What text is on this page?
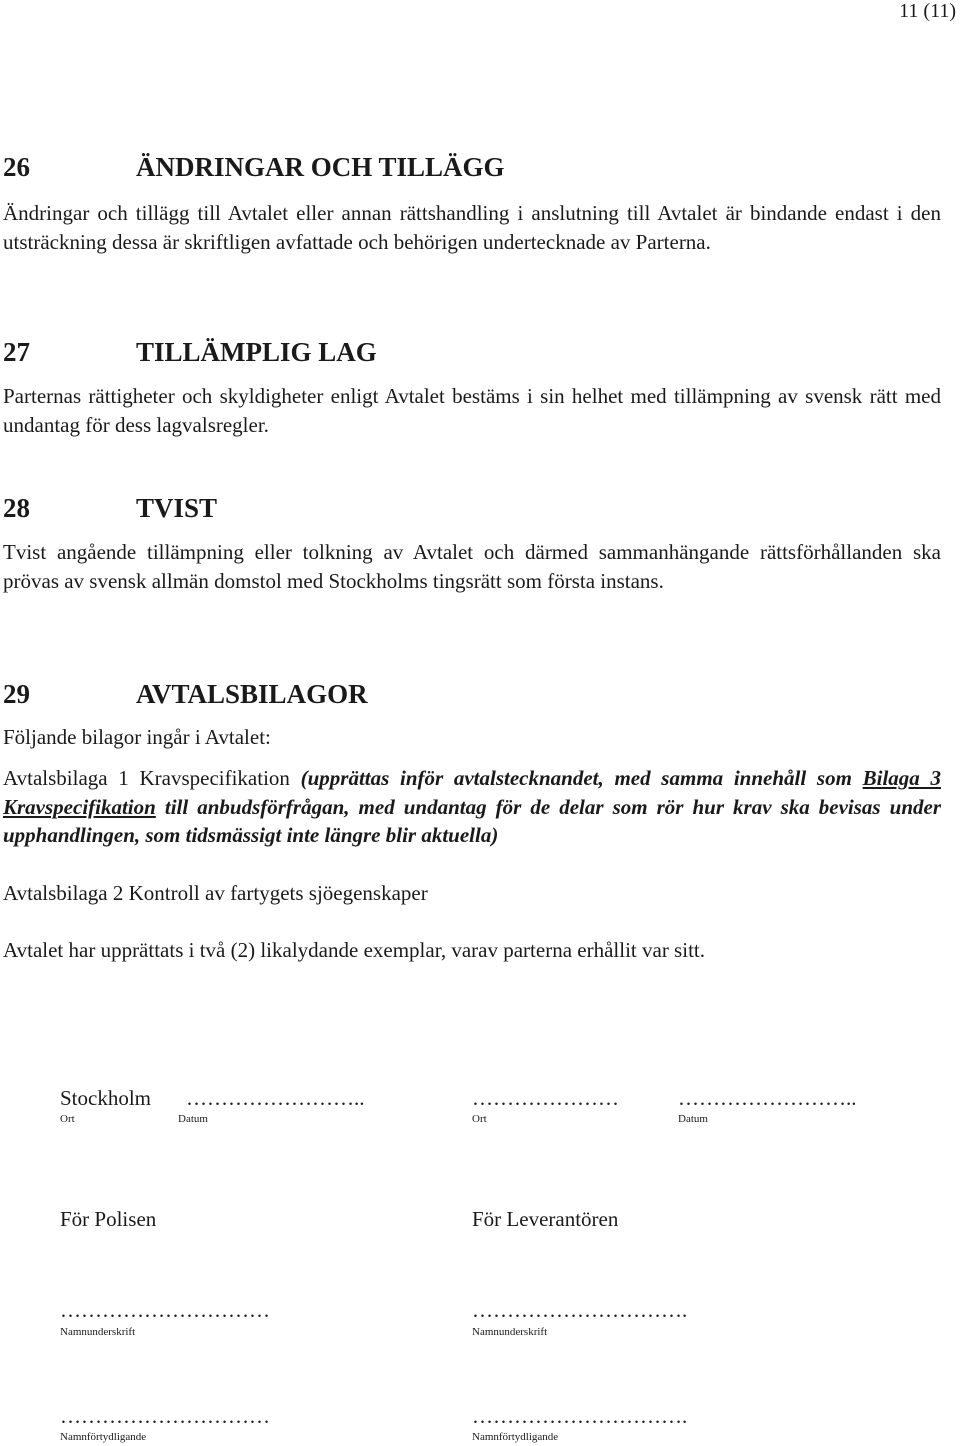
11 (11)
26	ÄNDRINGAR OCH TILLÄGG
Ändringar och tillägg till Avtalet eller annan rättshandling i anslutning till Avtalet är bindande endast i den utsträckning dessa är skriftligen avfattade och behörigen undertecknade av Parterna.
27	TILLÄMPLIG LAG
Parternas rättigheter och skyldigheter enligt Avtalet bestäms i sin helhet med tillämpning av svensk rätt med undantag för dess lagvalsregler.
28	TVIST
Tvist angående tillämpning eller tolkning av Avtalet och därmed sammanhängande rättsförhållanden ska prövas av svensk allmän domstol med Stockholms tingsrätt som första instans.
29	AVTALSBILAGOR
Följande bilagor ingår i Avtalet:
Avtalsbilaga 1 Kravspecifikation (upprättas inför avtalstecknandet, med samma innehåll som Bilaga 3 Kravspecifikation till anbudsförfrågan, med undantag för de delar som rör hur krav ska bevisas under upphandlingen, som tidsmässigt inte längre blir aktuella)
Avtalsbilaga 2 Kontroll av fartygets sjöegenskaper
Avtalet har upprättats i två (2) likalydande exemplar, varav parterna erhållit var sitt.
Stockholm ……………………..	…………………	……………………..
Ort	Datum	Ort	Datum
För Polisen	För Leverantören
…………………………	………………………….
Namnunderskrift	Namnunderskrift
…………………………	………………………….
Namnförtydligande	Namnförtydligande
